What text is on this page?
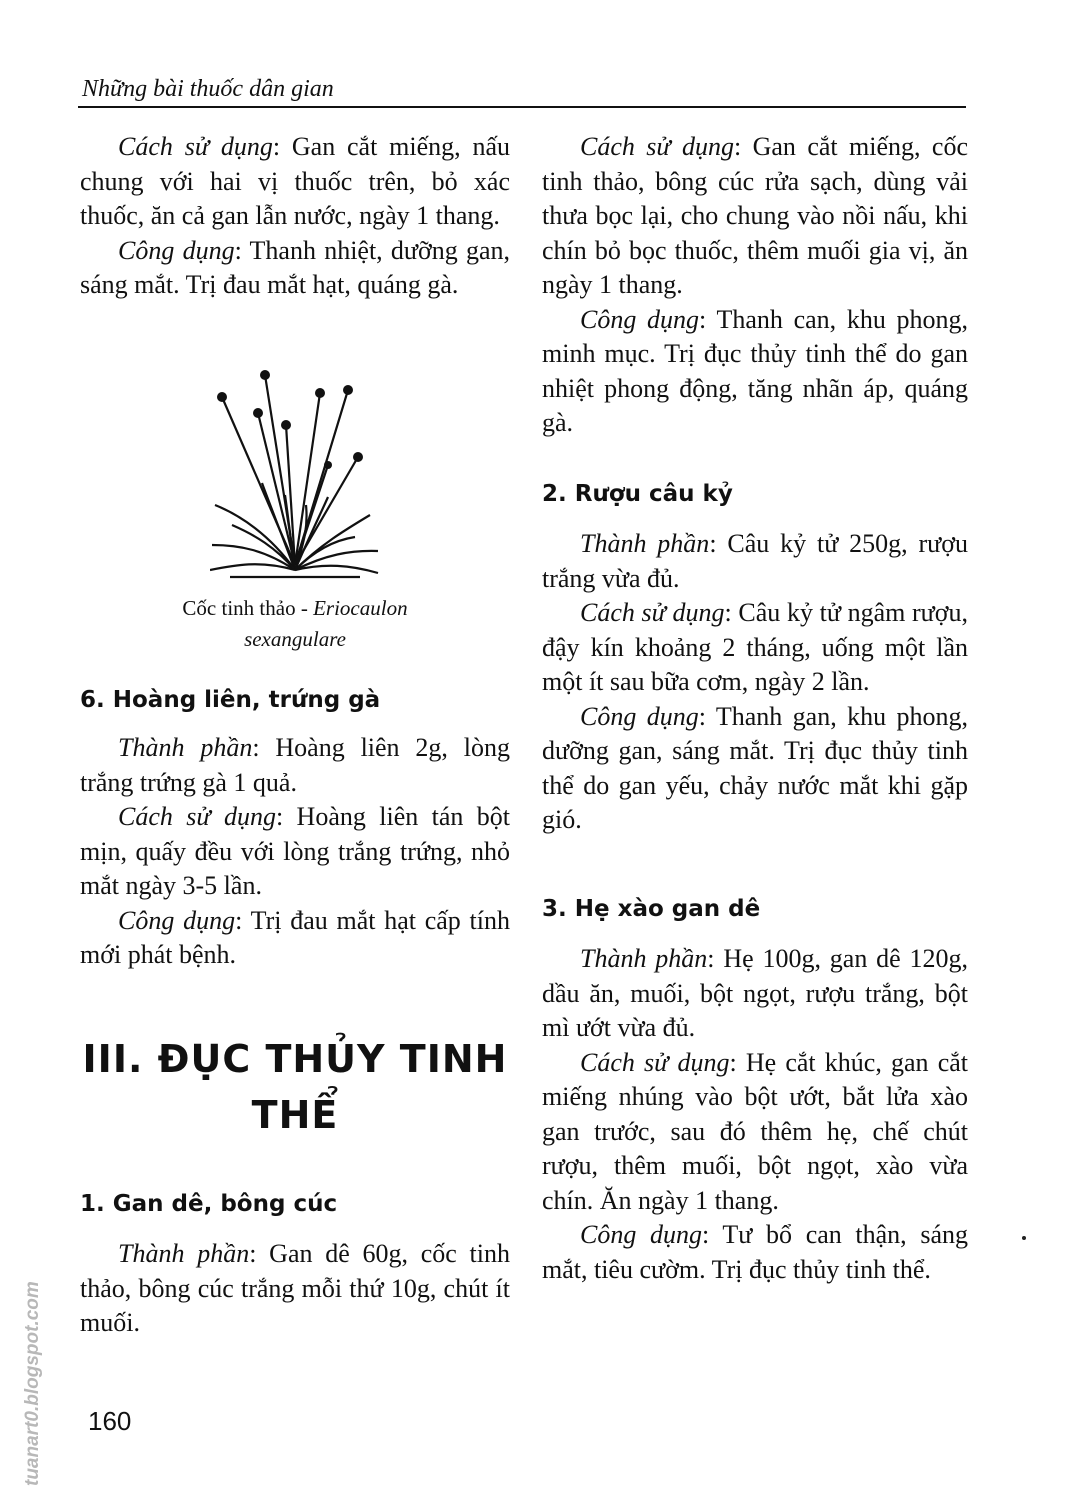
Những bài thuốc dân gian

Cách sử dụng: Gan cắt miếng, nấu chung với hai vị thuốc trên, bỏ xác thuốc, ăn cả gan lẫn nước, ngày 1 thang.

Công dụng: Thanh nhiệt, dưỡng gan, sáng mắt. Trị đau mắt hạt, quáng gà.

Cốc tinh thảo - Eriocaulon
sexangulare
6. Hoàng liên, trứng gà

Thành phần: Hoàng liên 2g, lòng trắng trứng gà 1 quả.

Cách sử dụng: Hoàng liên tán bột mịn, quấy đều với lòng trắng trứng, nhỏ mắt ngày 3-5 lần.

Công dụng: Trị đau mắt hạt cấp tính mới phát bệnh.

III. ĐỤC THỦY TINH
THỂ
1. Gan dê, bông cúc

Thành phần: Gan dê 60g, cốc tinh thảo, bông cúc trắng mỗi thứ 10g, chút ít muối.

Cách sử dụng: Gan cắt miếng, cốc tinh thảo, bông cúc rửa sạch, dùng vải thưa bọc lại, cho chung vào nồi nấu, khi chín bỏ bọc thuốc, thêm muối gia vị, ăn ngày 1 thang.

Công dụng: Thanh can, khu phong, minh mục. Trị đục thủy tinh thể do gan nhiệt phong động, tăng nhãn áp, quáng gà.

2. Rượu câu kỷ

Thành phần: Câu kỷ tử 250g, rượu trắng vừa đủ.

Cách sử dụng: Câu kỷ tử ngâm rượu, đậy kín khoảng 2 tháng, uống một lần một ít sau bữa cơm, ngày 2 lần.

Công dụng: Thanh gan, khu phong, dưỡng gan, sáng mắt. Trị đục thủy tinh thể do gan yếu, chảy nước mắt khi gặp gió.

3. Hẹ xào gan dê

Thành phần: Hẹ 100g, gan dê 120g, dầu ăn, muối, bột ngọt, rượu trắng, bột mì ướt vừa đủ.

Cách sử dụng: Hẹ cắt khúc, gan cắt miếng nhúng vào bột ướt, bắt lửa xào gan trước, sau đó thêm hẹ, chế chút rượu, thêm muối, bột ngọt, xào vừa chín. Ăn ngày 1 thang.

Công dụng: Tư bổ can thận, sáng mắt, tiêu cườm. Trị đục thủy tinh thể.

160
tuanart0.blogspot.com
